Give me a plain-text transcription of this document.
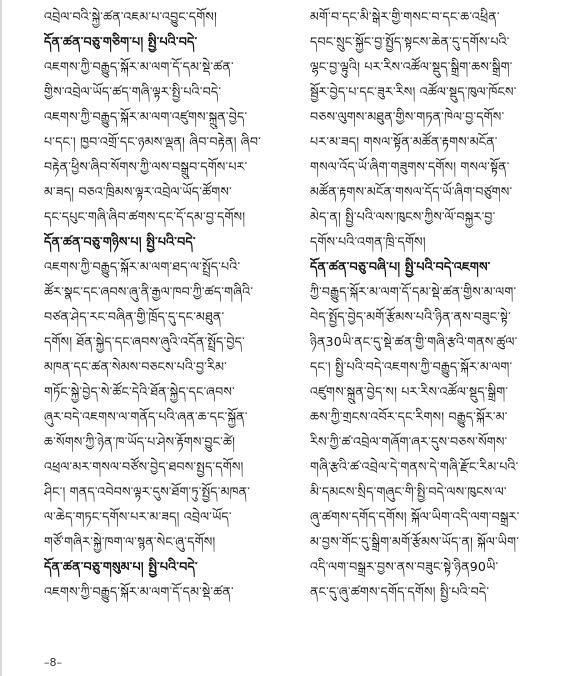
འབྲེལ་བའི་སྐྱེ་ཚན་འཇམ་པ་འབྱུང་དགོས།
དོན་ཚན་བཅུ་གཅིག་པ། སྤྱི་པའི་བདེ་
འཇགས་ཀྱི་བརྒྱུད་སྐོར་མ་ལག་དོ་དམ་སྡེ་ཚན་
གྱིས་འབྲེལ་ཡོད་ཚད་གཞི་ལྟར་སྤྱི་པའི་བདེ་
འཇགས་ཀྱི་བརྒྱུད་སྐོར་མ་ལག་འཛུགས་སྐྲུན་བྱེད་
པ་དང་། ཁྱབ་འགྲོ་དང་ཉམས་ལྡན། ཞིབ་བརྟེན། ཞིབ་
བརྟེན་ཕྱིས་ཞིབ་སོགས་ཀྱི་ལས་བསྒྲུབ་དགོས་པར་
མ་ཟད། བཅའ་ཁྲིམས་ལྟར་འབྲེལ་ཡོད་ཚོགས་
དང་དཔུང་གཞི་ཞིབ་ཚགས་དང་དོ་དམ་བྱ་དགོས།
དོན་ཚན་བཅུ་གཉིས་པ། སྤྱི་པའི་བདེ་
འཇགས་ཀྱི་བརྒྱུད་སྐོར་མ་ལག་ཐད་ལ་སྤྲོད་པའི་
ཚོར་སྣང་དང་ཞབས་ཞུ་ནི་རྒྱལ་ཁབ་ཀྱི་ཚད་གཞིའི་
བཙན་ཤེད་རང་བཞིན་གྱི་ཁྲོད་དུ་དང་མཐུན་
དགོས། ཐོན་སྐྱེད་དང་ཞབས་ཞུའི་འདོན་སྤྲོད་བྱེད་
མཁན་དང་ཚན་སེམས་བཅངས་པའི་བྱ་རིམ་
གཏོང་སྐྱེ་བྱེད་སེ་ཚོང་དེའི་ཐོན་སྐྱེད་དང་ཞབས་
ཞུར་བདེ་འཇགས་ལ་གནོད་པའི་ཞན་ཆ་དང་སྐྱོན་
ཆ་སོགས་ཀྱི་ཉེན་ཁ་ཡོད་པ་ཤེས་རྟོགས་བྱུང་ཚེ།
འཕྲལ་མར་གསལ་བཙོས་བྱེད་ཐབས་སྤྱད་དགོས།
ཤིང་། གནད་འབེབས་ལྟར་དུས་ཐོག་ཏུ་སྤྱོད་མཁན་
ལ་ཆེད་གཏང་དགོས་པར་མ་ཟད། འབྲེལ་ཡོད་
གཙོ་གཞིར་སྐྱེ་ཁག་ལ་སྙན་སེང་ཞུ་དགོས།
དོན་ཚན་བཅུ་གསུམ་པ། སྤྱི་པའི་བདེ་
འཇགས་ཀྱི་བརྒྱུད་སྐོར་མ་ལག་དོ་དམ་སྡེ་ཚན་
མགོ་བ་དང་མི་སྒེར་གྱི་གསང་བ་དང་ཆ་འཕྲིན་
དབང་སྲུང་སྐྱོང་བྱ་སྤྱོད་སྟངས་ཆེན་དུ་དགོས་པའི་
ལྷང་བྱ་ལྟུའི། པར་རིས་འཚོལ་སྡུད་སྒྲིག་ཆས་སྒྲིག་
སྦྱོར་བྱེད་པ་དང་ཟུར་རིས། འཚོལ་སྡུད་ཁུལ་ཁོངས་
བཅས་ལུགས་མཐུན་གྱིས་གཏན་ཁེལ་བྱ་དགོས་
པར་མ་ཟད། གསལ་སྟོན་མཚོན་རྟགས་མངོན་
གསལ་འོད་ཡོ་ཞིག་གཟུགས་དགོས། གསལ་སྟོན་
མཚོན་རྟགས་མངོན་གསལ་དོད་ཡོ་ཞིག་བཙུགས་
མེད་ན། སྤྱི་པའི་ལས་ཁུངས་ཀྱིས་ལོ་བསྐྱར་བྱ་
དགོས་པའི་འགན་ཁྲི་དགོས།
དོན་ཚན་བཅུ་བཞི་པ། སྤྱི་པའི་བདེ་འཇགས་
ཀྱི་བརྒྱུད་སྐོར་མ་ལག་དོ་དམ་སྡེ་ཚན་གྱིས་མ་ལག་
བེད་སྤྱོད་བྱེད་མགོ་རྩོམས་པའི་ཉིན་ནས་བཟུང་སྟེ་
ཉིན30ཡི་ནང་དུ་སྡེ་ཚན་གྱི་གཞི་རྩའི་གནས་ཚུལ་
དང་། སྤྱི་པའི་བདེ་འཇགས་ཀྱི་བརྒྱུད་སྐོར་མ་ལག་
འཛུགས་སྐྲུན་བྱེད་ས། པར་རིས་འཚོལ་སྡུད་སྒྲིག་
ཆས་ཀྱི་གྲངས་འབོར་དང་རིགས། བརྒྱུད་སྐོར་མ་
རིས་ཀྱི་ཚ་འབྲེལ་གཞོག་ཞར་དུས་བཅས་སོགས་
གཞི་རྩའི་ཚ་འབྲེལ་དེ་གནས་དེ་གཞི་རྫོང་རིམ་པའི་
མི་དམངས་སྲིད་གཞུང་གི་སྤྱི་བདེ་ལས་ཁུངས་ལ་
ཞུ་ཚགས་དགོད་དགོས། སྐོལ་ཡིག་འདི་ལག་བསྒྲར་
མ་བྱས་གོང་དུ་སྒྲིག་མགོ་རྩོམས་ཡོད་ན། སྐོལ་ཡིག་
འདི་ལག་བསྒྲར་བྱས་ནས་བཟུང་སྟེ་ཉིན90ཡི་
ནང་དུ་ཞུ་ཚགས་དགོད་དགོས། སྤྱི་པའི་བདེ་
–8–
